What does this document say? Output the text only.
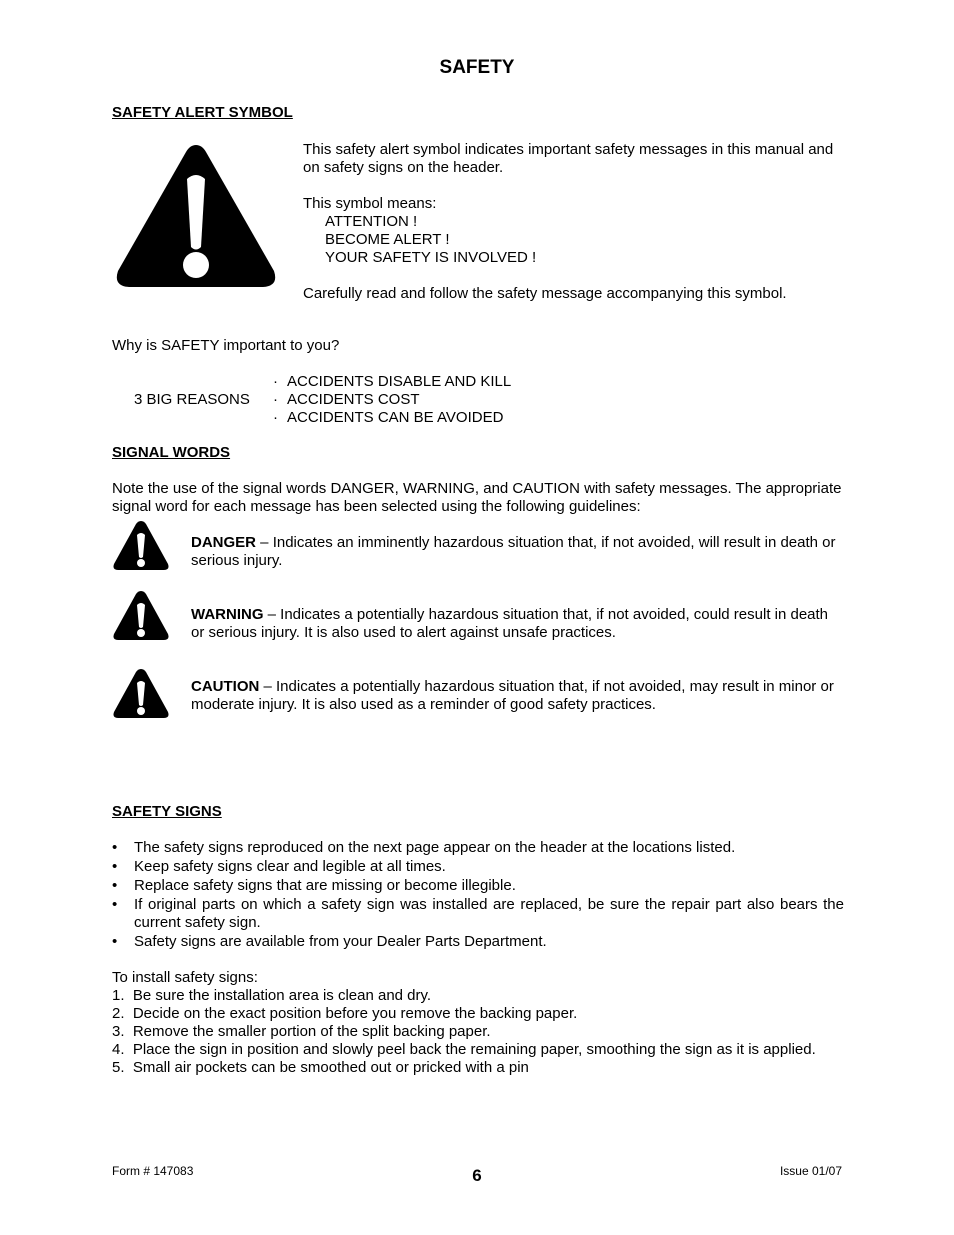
SAFETY
SAFETY ALERT SYMBOL
This safety alert symbol indicates important safety messages in this manual and
on safety signs on the header.
This symbol means:
ATTENTION !
BECOME ALERT !
YOUR SAFETY IS INVOLVED !
Carefully read and follow the safety message accompanying this symbol.
Why is SAFETY important to you?
3 BIG REASONS
· ACCIDENTS DISABLE AND KILL
· ACCIDENTS COST
· ACCIDENTS CAN BE AVOIDED
SIGNAL WORDS
Note the use of the signal words DANGER, WARNING, and CAUTION with safety messages. The appropriate
signal word for each message has been selected using the following guidelines:
DANGER – Indicates an imminently hazardous situation that, if not avoided, will result in death or
serious injury.
WARNING – Indicates a potentially hazardous situation that, if not avoided, could result in death
or serious injury. It is also used to alert against unsafe practices.
CAUTION – Indicates a potentially hazardous situation that, if not avoided, may result in minor or
moderate injury. It is also used as a reminder of good safety practices.
SAFETY SIGNS
•	The safety signs reproduced on the next page appear on the header at the locations listed.
•	Keep safety signs clear and legible at all times.
•	Replace safety signs that are missing or become illegible.
•	If original parts on which a safety sign was installed are replaced, be sure the repair part also bears the current safety sign.
•	Safety signs are available from your Dealer Parts Department.
To install safety signs:
1.  Be sure the installation area is clean and dry.
2.  Decide on the exact position before you remove the backing paper.
3.  Remove the smaller portion of the split backing paper.
4.  Place the sign in position and slowly peel back the remaining paper, smoothing the sign as it is applied.
5.  Small air pockets can be smoothed out or pricked with a pin
Form # 147083	6	Issue 01/07
